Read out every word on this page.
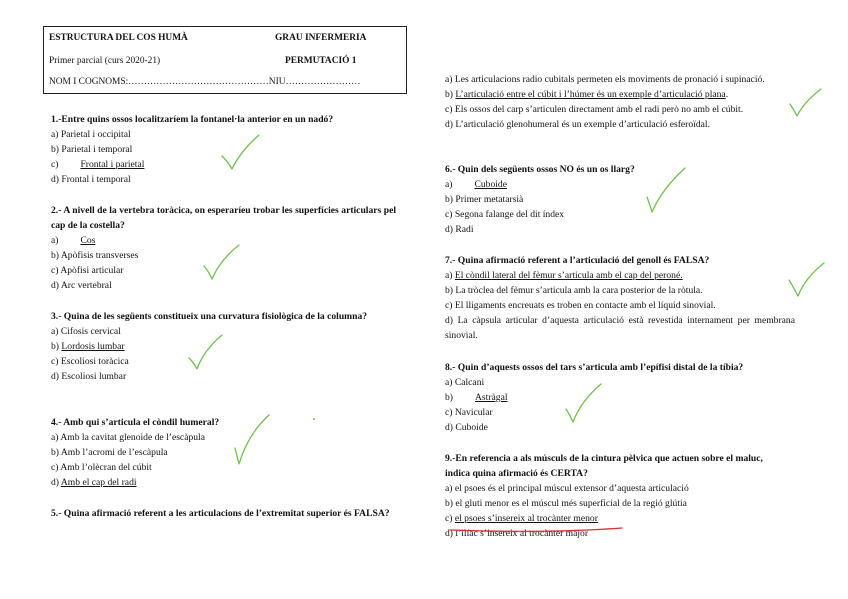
ESTRUCTURA DEL COS HUMÀ	GRAU INFERMERIA
Primer parcial (curs 2020-21)	PERMUTACIÓ 1
NOM I COGNOMS:………………………………………NIU……………………
1.-Entre quins ossos localitzaríem la fontanel·la anterior en un nadó?
a) Parietal i occipital
b) Parietal i temporal
c) Frontal i parietal
d) Frontal i temporal
2.- A nivell de la vertebra toràcica, on esperaríeu trobar les superfícies articulars pel cap de la costella?
a) Cos
b) Apòfisis transverses
c) Apòfisi articular
d) Arc vertebral
3.- Quina de les següents constitueix una curvatura fisiològica de la columna?
a) Cifosis cervical
b) Lordosis lumbar
c) Escoliosi toràcica
d) Escoliosi lumbar
4.- Amb qui s’articula el còndil humeral?
a) Amb la cavitat glenoide de l’escàpula
b) Amb l’acromi de l’escàpula
c) Amb l’olècran del cúbit
d) Amb el cap del radi
5.- Quina afirmació referent a les articulacions de l’extremitat superior és FALSA?
a) Les articulacions radio cubitals permeten els moviments de pronació i supinació.
b) L’articulació entre el cúbit i l’húmer és un exemple d’articulació plana.
c) Els ossos del carp s’articulen directament amb el radi però no amb el cúbit.
d) L’articulació glenohumeral és un exemple d’articulació esferoïdal.
6.- Quin dels següents ossos NO és un os llarg?
a) Cuboide
b) Primer metatarsià
c) Segona falange del dit índex
d) Radi
7.- Quina afirmació referent a l’articulació del genoll és FALSA?
a) El còndil lateral del fèmur s’articula amb el cap del peroné.
b) La tròclea del fèmur s’articula amb la cara posterior de la ròtula.
c) El lligaments encreuats es troben en contacte amb el líquid sinovial.
d) La càpsula articular d’aquesta articulació està revestida internament per membrana sinovial.
8.- Quin d’aquests ossos del tars s’articula amb l’epífisi distal de la tíbia?
a) Calcani
b) Astràgal
c) Navicular
d) Cuboide
9.-En referencia a als músculs de la cintura pèlvica que actuen sobre el maluc, indica quina afirmació és CERTA?
a) el psoes és el principal múscul extensor d’aquesta articulació
b) el gluti menor es el múscul més superficial de la regió glútia
c) el psoes s’insereix al trocànter menor
d) l’ilíac s’insereix al trocànter major
